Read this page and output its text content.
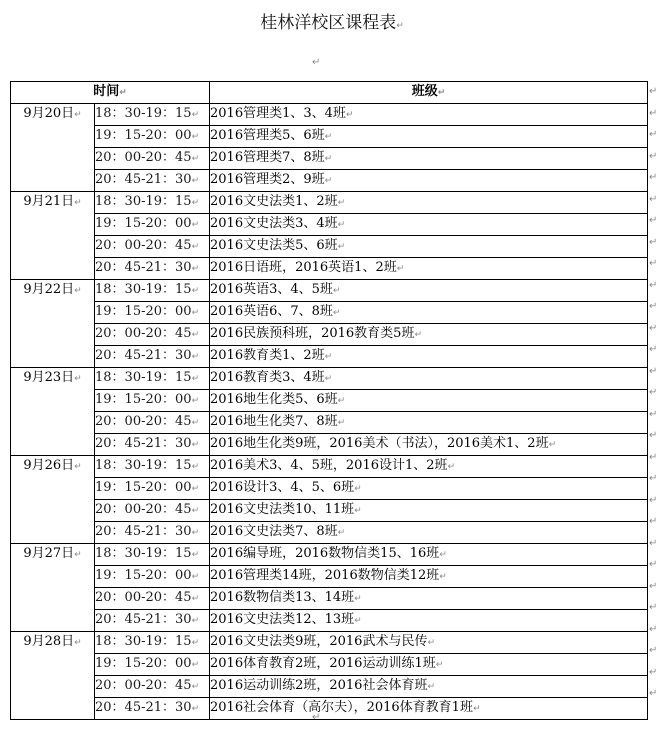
桂林洋校区课程表↵
↵
时间↵		班级↵
9月20日↵	18：30-19：15↵	2016管理类1、3、4班↵
	19：15-20：00↵	2016管理类5、6班↵
	20：00-20：45↵	2016管理类7、8班↵
	20：45-21：30↵	2016管理类2、9班↵
9月21日↵	18：30-19：15↵	2016文史法类1、2班↵
	19：15-20：00↵	2016文史法类3、4班↵
	20：00-20：45↵	2016文史法类5、6班↵
	20：45-21：30↵	2016日语班，2016英语1、2班↵
9月22日↵	18：30-19：15↵	2016英语3、4、5班↵
	19：15-20：00↵	2016英语6、7、8班↵
	20：00-20：45↵	2016民族预科班，2016教育类5班↵
	20：45-21：30↵	2016教育类1、2班↵
9月23日↵	18：30-19：15↵	2016教育类3、4班↵
	19：15-20：00↵	2016地生化类5、6班↵
	20：00-20：45↵	2016地生化类7、8班↵
	20：45-21：30↵	2016地生化类9班，2016美术（书法），2016美术1、2班↵
9月26日↵	18：30-19：15↵	2016美术3、4、5班，2016设计1、2班↵
	19：15-20：00↵	2016设计3、4、5、6班↵
	20：00-20：45↵	2016文史法类10、11班↵
	20：45-21：30↵	2016文史法类7、8班↵
9月27日↵	18：30-19：15↵	2016编导班，2016数物信类15、16班↵
	19：15-20：00↵	2016管理类14班，2016数物信类12班↵
	20：00-20：45↵	2016数物信类13、14班↵
	20：45-21：30↵	2016文史法类12、13班↵
9月28日↵	18：30-19：15↵	2016文史法类9班，2016武术与民传↵
	19：15-20：00↵	2016体育教育2班，2016运动训练1班↵
	20：00-20：45↵	2016运动训练2班，2016社会体育班↵
	20：45-21：30↵	2016社会体育（高尔夫），2016体育教育1班↵
↵
↵
↵
↵
↵
↵
↵
↵
↵
↵
↵
↵
↵
↵
↵
↵
↵
↵
↵
↵
↵
↵
↵
↵
↵
↵
↵
↵
↵
↵
